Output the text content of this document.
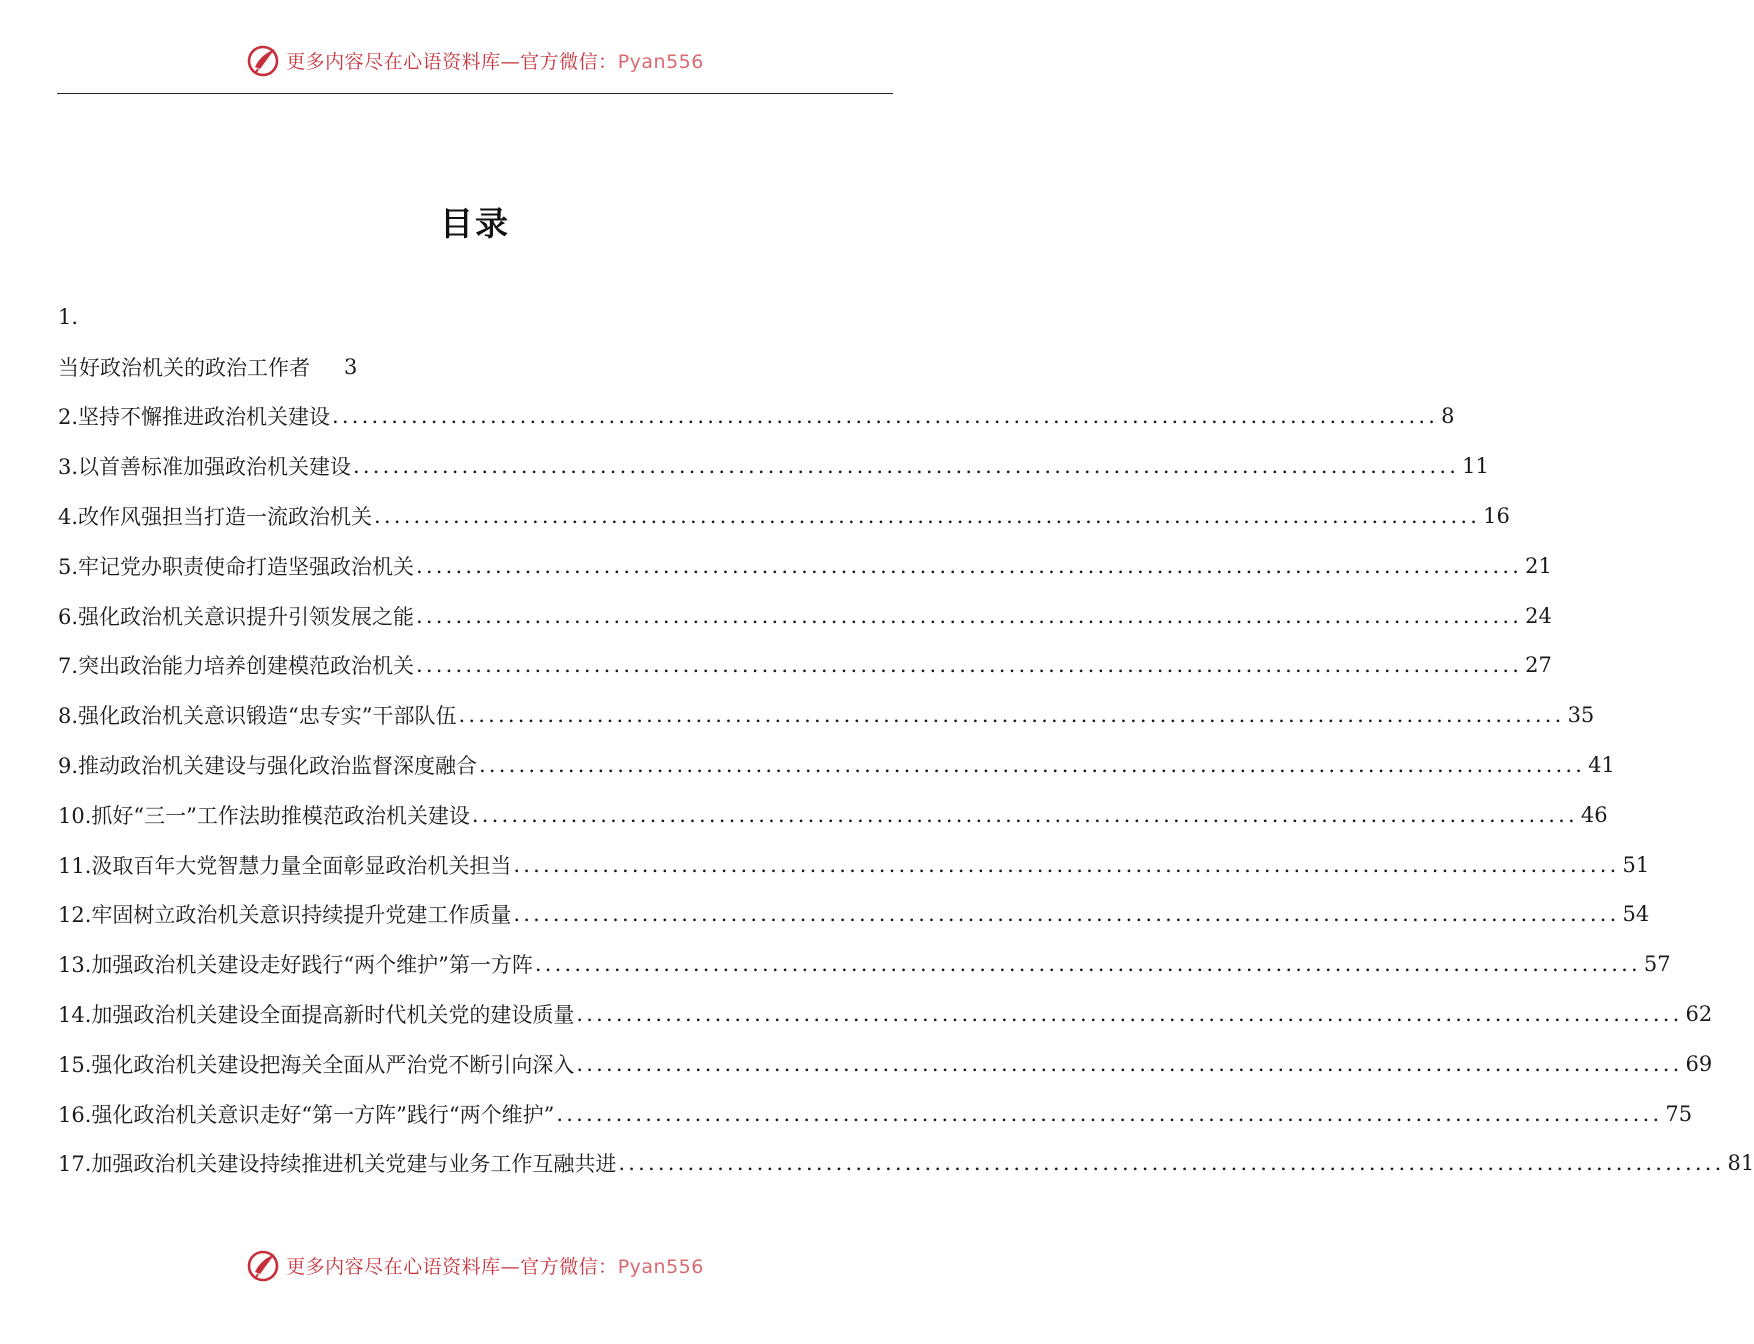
更多内容尽在心语资料库—官方微信：Pyan556
目录
1.
当好政治机关的政治工作者 3
2.坚持不懈推进政治机关建设 ................................................................................................................ 8
3.以首善标准加强政治机关建设 ................................................................................................................ 11
4.改作风强担当打造一流政治机关 ................................................................................................................ 16
5.牢记党办职责使命打造坚强政治机关 ................................................................................................................ 21
6.强化政治机关意识提升引领发展之能 ................................................................................................................ 24
7.突出政治能力培养创建模范政治机关 ................................................................................................................ 27
8.强化政治机关意识锻造“忠专实”干部队伍 ................................................................................................................ 35
9.推动政治机关建设与强化政治监督深度融合 ................................................................................................................ 41
10.抓好“三一”工作法助推模范政治机关建设 ................................................................................................................ 46
11.汲取百年大党智慧力量全面彰显政治机关担当 ................................................................................................................ 51
12.牢固树立政治机关意识持续提升党建工作质量 ................................................................................................................ 54
13.加强政治机关建设走好践行“两个维护”第一方阵 ................................................................................................................ 57
14.加强政治机关建设全面提高新时代机关党的建设质量 ................................................................................................................ 62
15.强化政治机关建设把海关全面从严治党不断引向深入 ................................................................................................................ 69
16.强化政治机关意识走好“第一方阵”践行“两个维护” ................................................................................................................ 75
17.加强政治机关建设持续推进机关党建与业务工作互融共进 ................................................................................................................ 81
更多内容尽在心语资料库—官方微信：Pyan556
